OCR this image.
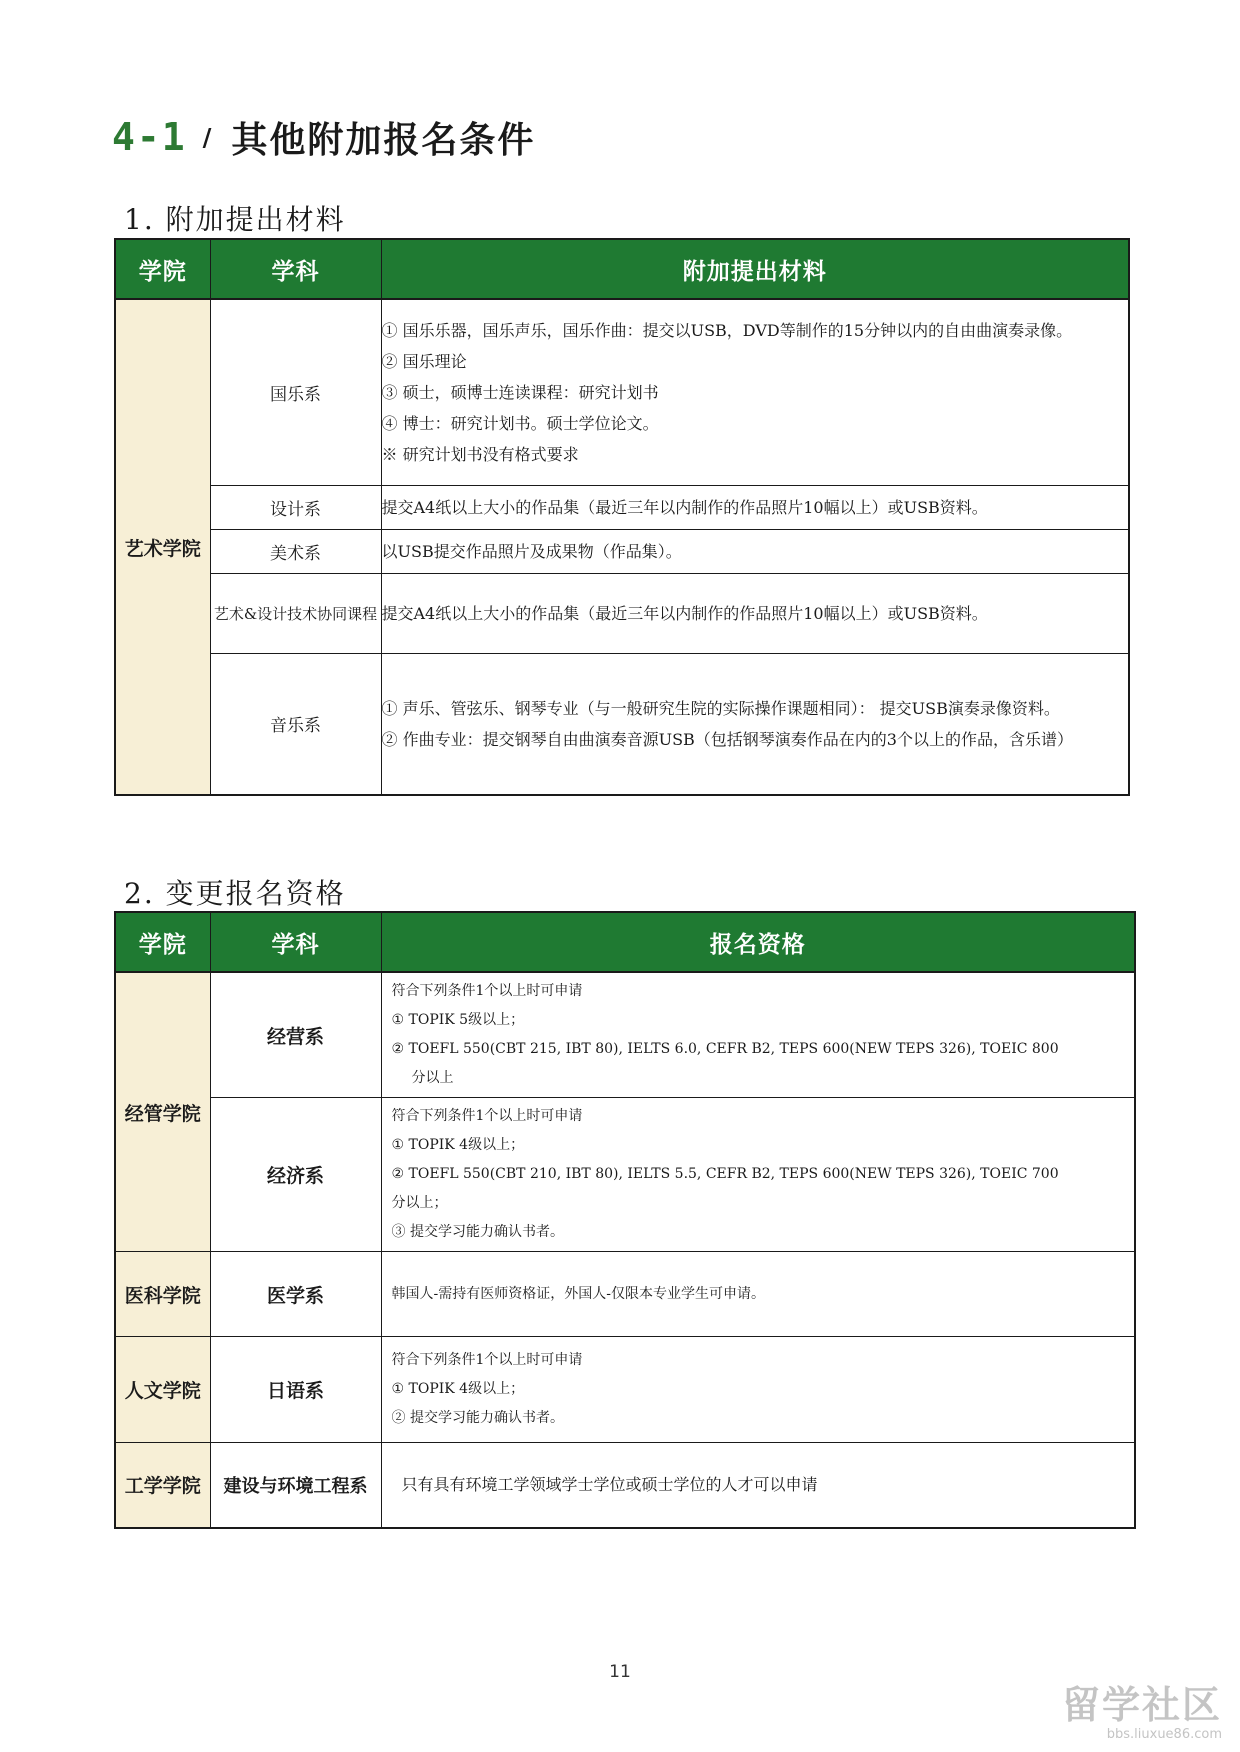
4-1 / 其他附加报名条件
1. 附加提出材料
学院	学科	附加提出材料
艺术学院	国乐系	① 国乐乐器，国乐声乐，国乐作曲：提交以USB，DVD等制作的15分钟以内的自由曲演奏录像。
② 国乐理论
③ 硕士，硕博士连读课程：研究计划书
④ 博士：研究计划书。硕士学位论文。
※ 研究计划书没有格式要求

	设计系	提交A4纸以上大小的作品集（最近三年以内制作的作品照片10幅以上）或USB资料。

	美术系	以USB提交作品照片及成果物（作品集）。

	艺术&设计技术协同课程	提交A4纸以上大小的作品集（最近三年以内制作的作品照片10幅以上）或USB资料。

	音乐系	① 声乐、管弦乐、钢琴专业（与一般研究生院的实际操作课题相同）： 提交USB演奏录像资料。
② 作曲专业：提交钢琴自由曲演奏音源USB（包括钢琴演奏作品在内的3个以上的作品，含乐谱）
2. 变更报名资格
学院	学科	报名资格
经管学院	经营系	符合下列条件1个以上时可申请
① TOPIK 5级以上；
② TOEFL 550(CBT 215, IBT 80), IELTS 6.0, CEFR B2, TEPS 600(NEW TEPS 326), TOEIC 800
分以上

	经济系	符合下列条件1个以上时可申请
① TOPIK 4级以上；
② TOEFL 550(CBT 210, IBT 80), IELTS 5.5, CEFR B2, TEPS 600(NEW TEPS 326), TOEIC 700
分以上；
③ 提交学习能力确认书者。

医科学院	医学系	韩国人-需持有医师资格证，外国人-仅限本专业学生可申请。

人文学院	日语系	符合下列条件1个以上时可申请
① TOPIK 4级以上；
② 提交学习能力确认书者。

工学学院	建设与环境工程系	只有具有环境工学领域学士学位或硕士学位的人才可以申请
11
留学社区
bbs.liuxue86.com
